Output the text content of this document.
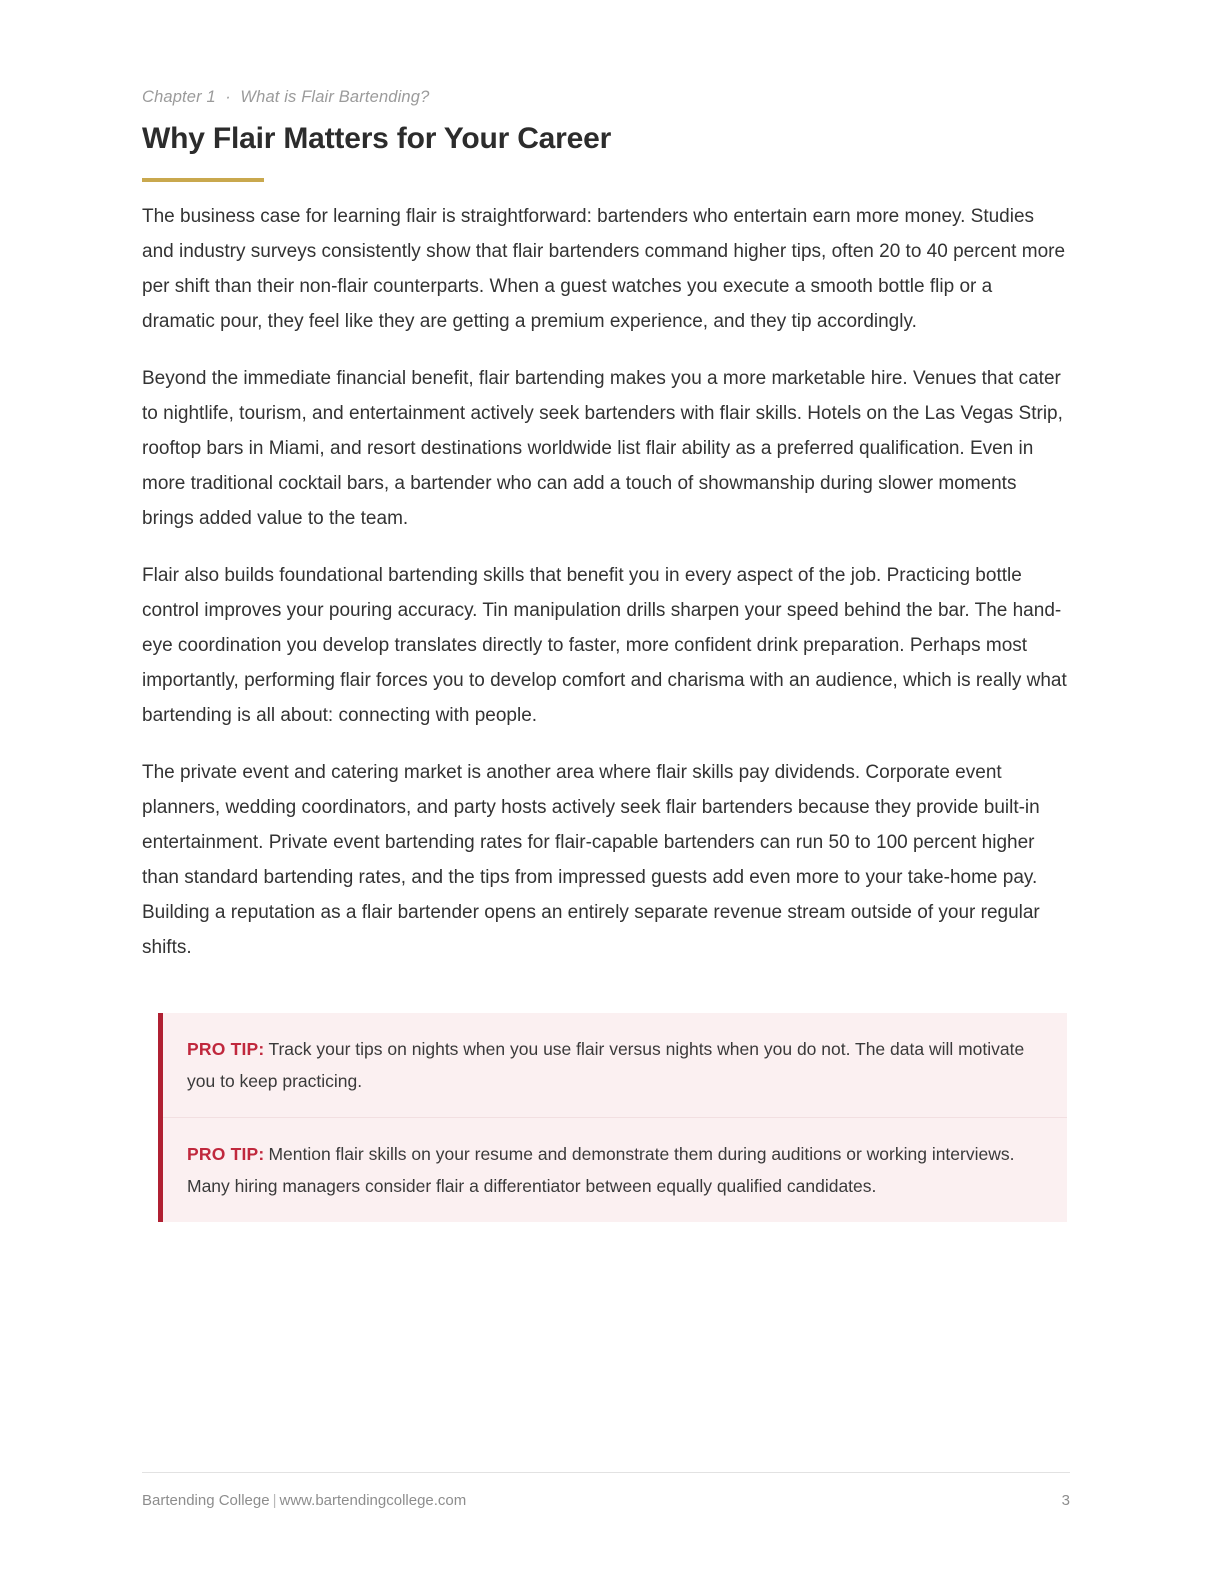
Chapter 1  ·  What is Flair Bartending?
Why Flair Matters for Your Career

The business case for learning flair is straightforward: bartenders who entertain earn more money. Studies and industry surveys consistently show that flair bartenders command higher tips, often 20 to 40 percent more per shift than their non-flair counterparts. When a guest watches you execute a smooth bottle flip or a dramatic pour, they feel like they are getting a premium experience, and they tip accordingly.

Beyond the immediate financial benefit, flair bartending makes you a more marketable hire. Venues that cater to nightlife, tourism, and entertainment actively seek bartenders with flair skills. Hotels on the Las Vegas Strip, rooftop bars in Miami, and resort destinations worldwide list flair ability as a preferred qualification. Even in more traditional cocktail bars, a bartender who can add a touch of showmanship during slower moments brings added value to the team.

Flair also builds foundational bartending skills that benefit you in every aspect of the job. Practicing bottle control improves your pouring accuracy. Tin manipulation drills sharpen your speed behind the bar. The hand-eye coordination you develop translates directly to faster, more confident drink preparation. Perhaps most importantly, performing flair forces you to develop comfort and charisma with an audience, which is really what bartending is all about: connecting with people.

The private event and catering market is another area where flair skills pay dividends. Corporate event planners, wedding coordinators, and party hosts actively seek flair bartenders because they provide built-in entertainment. Private event bartending rates for flair-capable bartenders can run 50 to 100 percent higher than standard bartending rates, and the tips from impressed guests add even more to your take-home pay. Building a reputation as a flair bartender opens an entirely separate revenue stream outside of your regular shifts.

PRO TIP: Track your tips on nights when you use flair versus nights when you do not. The data will motivate you to keep practicing.

PRO TIP: Mention flair skills on your resume and demonstrate them during auditions or working interviews. Many hiring managers consider flair a differentiator between equally qualified candidates.

Bartending College | www.bartendingcollege.com	3
